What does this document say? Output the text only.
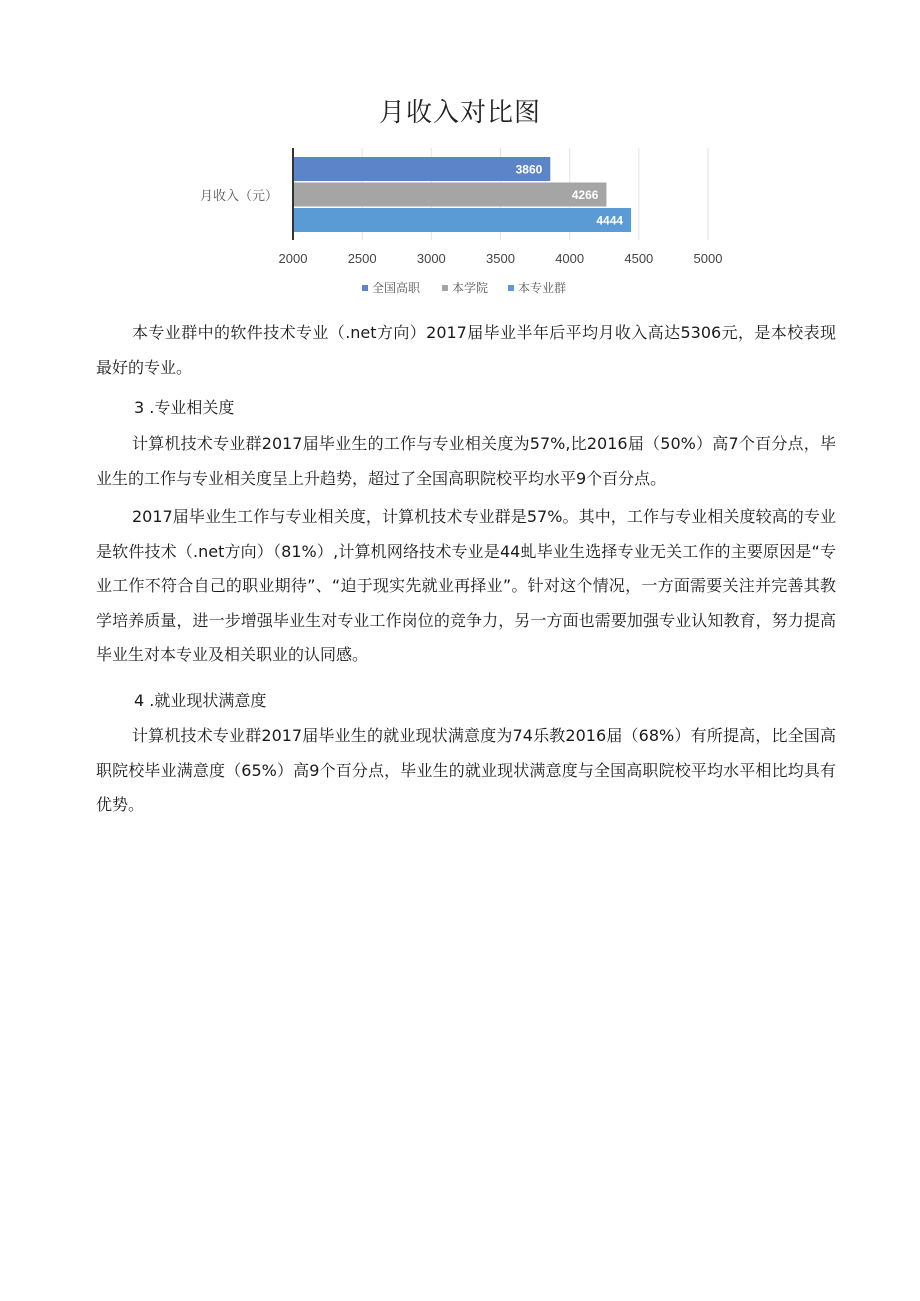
月收入对比图
3860
4266
4444
月收入（元）
2000	2500	3000	3500	4000	4500	5000
全国高职	本学院 本专业群
本专业群中的软件技术专业（.net方向）2017届毕业半年后平均月收入高达5306元，是本校表现最好的专业。
3 .专业相关度
计算机技术专业群2017届毕业生的工作与专业相关度为57%,比2016届（50%）高7个百分点，毕业生的工作与专业相关度呈上升趋势，超过了全国高职院校平均水平9个百分点。
2017届毕业生工作与专业相关度，计算机技术专业群是57%。其中，工作与专业相关度较高的专业是软件技术（.net方向）（81%）,计算机网络技术专业是44虬毕业生选择专业无关工作的主要原因是“专业工作不符合自己的职业期待”、“迫于现实先就业再择业”。针对这个情况，一方面需要关注并完善其教学培养质量，进一步增强毕业生对专业工作岗位的竞争力，另一方面也需要加强专业认知教育，努力提高毕业生对本专业及相关职业的认同感。
4 .就业现状满意度
计算机技术专业群2017届毕业生的就业现状满意度为74乐教2016届（68%）有所提高，比全国高职院校毕业满意度（65%）高9个百分点，毕业生的就业现状满意度与全国高职院校平均水平相比均具有优势。
